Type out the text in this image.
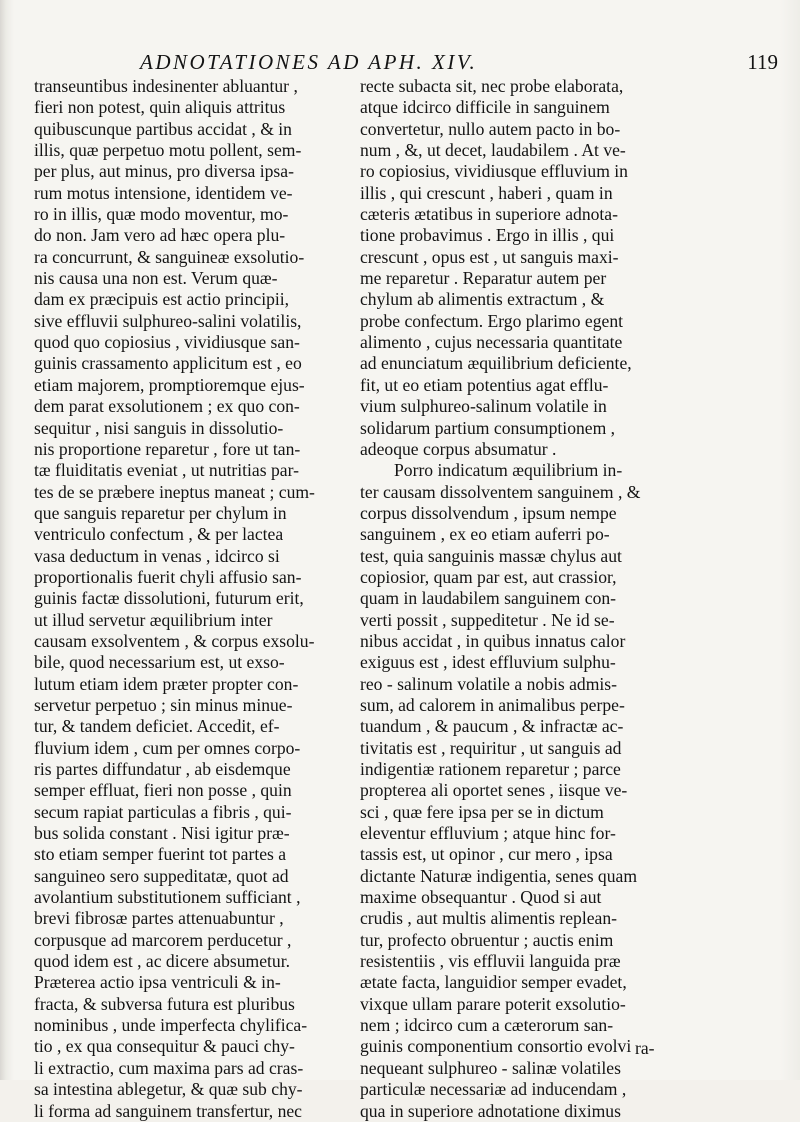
ADNOTATIONES AD APH. XIV.	119
transeuntibus indesinenter abluantur ,
fieri non potest, quin aliquis attritus
quibuscunque partibus accidat , & in
illis, quæ perpetuo motu pollent, sem-
per plus, aut minus, pro diversa ipsa-
rum motus intensione, identidem ve-
ro in illis, quæ modo moventur, mo-
do non. Jam vero ad hæc opera plu-
ra concurrunt, & sanguineæ exsolutio-
nis causa una non est. Verum quæ-
dam ex præcipuis est actio principii,
sive effluvii sulphureo-salini volatilis,
quod quo copiosius , vividiusque san-
guinis crassamento applicitum est , eo
etiam majorem, promptioremque ejus-
dem parat exsolutionem ; ex quo con-
sequitur , nisi sanguis in dissolutio-
nis proportione reparetur , fore ut tan-
tæ fluiditatis eveniat , ut nutritias par-
tes de se præbere ineptus maneat ; cum-
que sanguis reparetur per chylum in
ventriculo confectum , & per lactea
vasa deductum in venas , idcirco si
proportionalis fuerit chyli affusio san-
guinis factæ dissolutioni, futurum erit,
ut illud servetur æquilibrium inter
causam exsolventem , & corpus exsolu-
bile, quod necessarium est, ut exso-
lutum etiam idem præter propter con-
servetur perpetuo ; sin minus minue-
tur, & tandem deficiet. Accedit, ef-
fluvium idem , cum per omnes corpo-
ris partes diffundatur , ab eisdemque
semper effluat, fieri non posse , quin
secum rapiat particulas a fibris , qui-
bus solida constant . Nisi igitur præ-
sto etiam semper fuerint tot partes a
sanguineo sero suppeditatæ, quot ad
avolantium substitutionem sufficiant ,
brevi fibrosæ partes attenuabuntur ,
corpusque ad marcorem perducetur ,
quod idem est , ac dicere absumetur.
Præterea actio ipsa ventriculi & in-
fracta, & subversa futura est pluribus
nominibus , unde imperfecta chylifica-
tio , ex qua consequitur & pauci chy-
li extractio, cum maxima pars ad cras-
sa intestina ablegetur, & quæ sub chy-
li forma ad sanguinem transfertur, nec
recte subacta sit, nec probe elaborata,
atque idcirco difficile in sanguinem
convertetur, nullo autem pacto in bo-
num , &, ut decet, laudabilem . At ve-
ro copiosius, vividiusque effluvium in
illis , qui crescunt , haberi , quam in
cæteris ætatibus in superiore adnota-
tione probavimus . Ergo in illis , qui
crescunt , opus est , ut sanguis maxi-
me reparetur . Reparatur autem per
chylum ab alimentis extractum , &
probe confectum. Ergo plarimo egent
alimento , cujus necessaria quantitate
ad enunciatum æquilibrium deficiente,
fit, ut eo etiam potentius agat efflu-
vium sulphureo-salinum volatile in
solidarum partium consumptionem ,
adeoque corpus absumatur .
Porro indicatum æquilibrium in-
ter causam dissolventem sanguinem , &
corpus dissolvendum , ipsum nempe
sanguinem , ex eo etiam auferri po-
test, quia sanguinis massæ chylus aut
copiosior, quam par est, aut crassior,
quam in laudabilem sanguinem con-
verti possit , suppeditetur . Ne id se-
nibus accidat , in quibus innatus calor
exiguus est , idest effluvium sulphu-
reo - salinum volatile a nobis admis-
sum, ad calorem in animalibus perpe-
tuandum , & paucum , & infractæ ac-
tivitatis est , requiritur , ut sanguis ad
indigentiæ rationem reparetur ; parce
propterea ali oportet senes , iisque ve-
sci , quæ fere ipsa per se in dictum
eleventur effluvium ; atque hinc for-
tassis est, ut opinor , cur mero , ipsa
dictante Naturæ indigentia, senes quam
maxime obsequantur . Quod si aut
crudis , aut multis alimentis replean-
tur, profecto obruentur ; auctis enim
resistentiis , vis effluvii languida præ
ætate facta, languidior semper evadet,
vixque ullam parare poterit exsolutio-
nem ; idcirco cum a cæterorum san-
guinis componentium consortio evolvi
nequeant sulphureo - salinæ volatiles
particulæ necessariæ ad inducendam ,
qua in superiore adnotatione diximus
ra-
